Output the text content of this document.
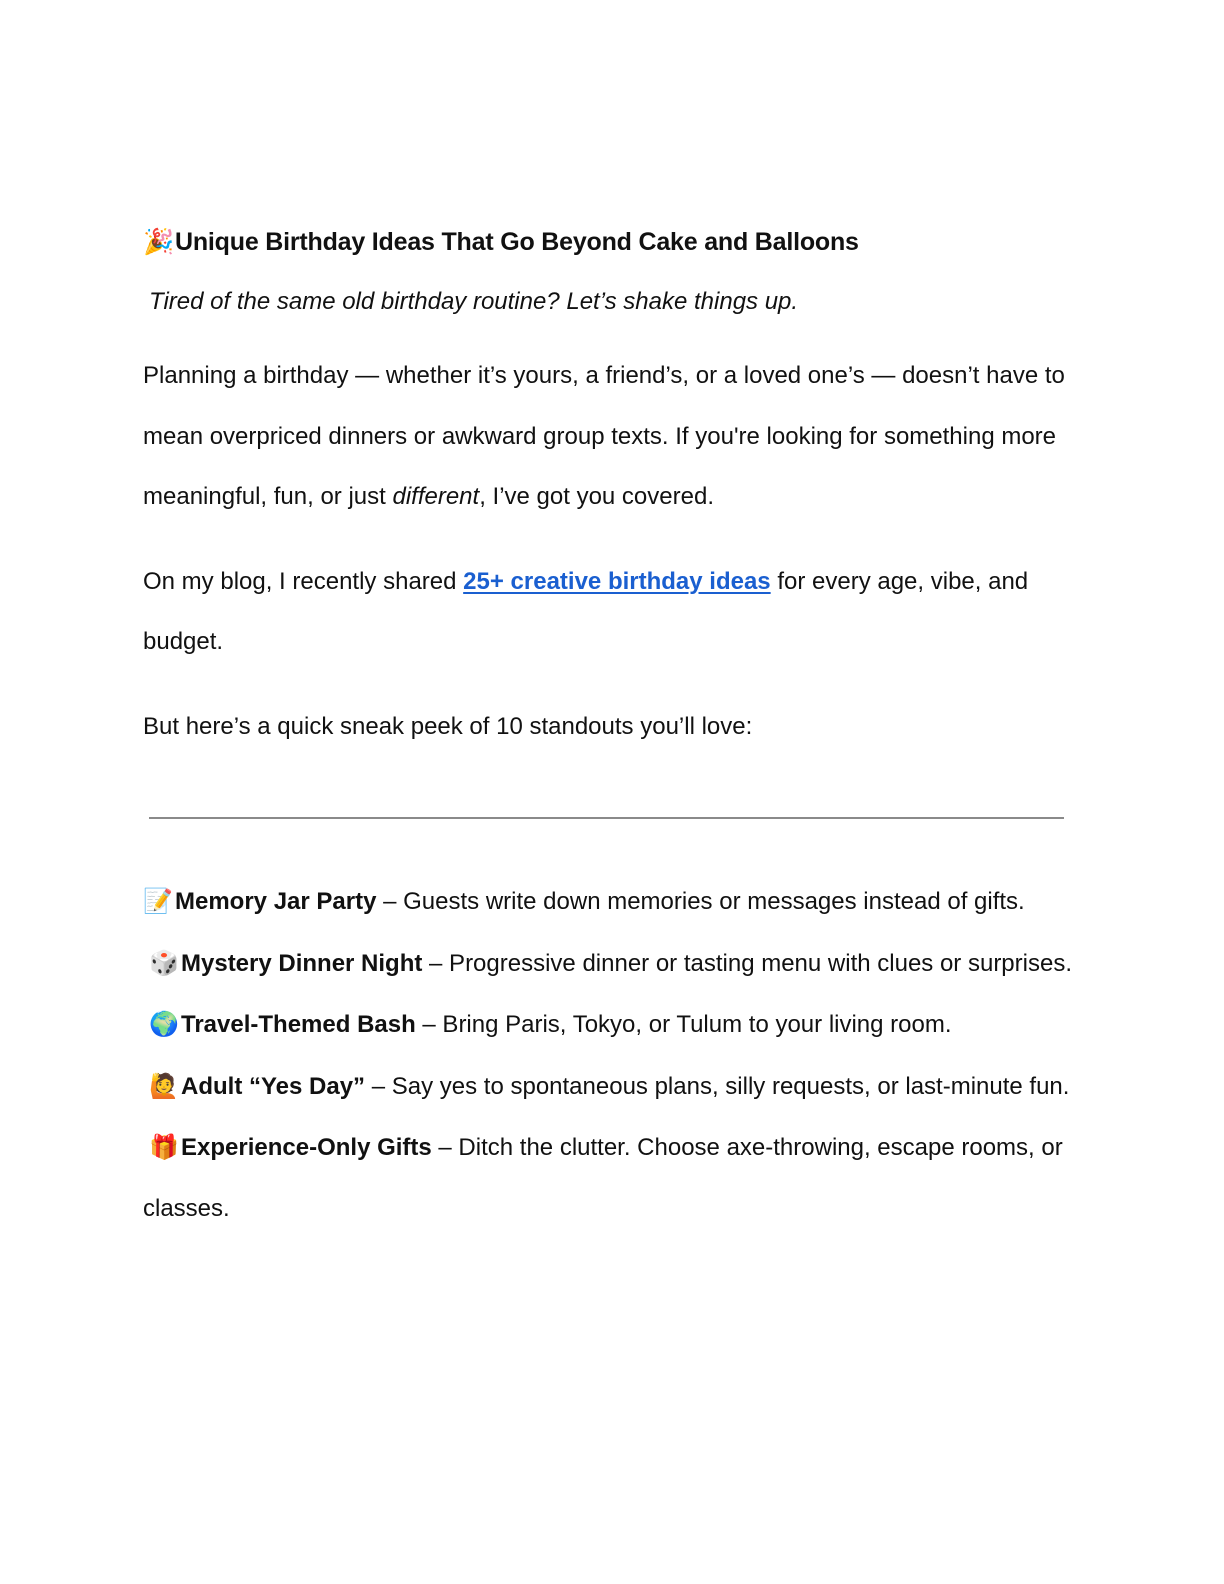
🎉Unique Birthday Ideas That Go Beyond Cake and Balloons

Tired of the same old birthday routine? Let’s shake things up.

Planning a birthday — whether it’s yours, a friend’s, or a loved one’s — doesn’t have to mean overpriced dinners or awkward group texts. If you're looking for something more meaningful, fun, or just different, I’ve got you covered.

On my blog, I recently shared 25+ creative birthday ideas for every age, vibe, and budget.

But here’s a quick sneak peek of 10 standouts you’ll love:

📝Memory Jar Party – Guests write down memories or messages instead of gifts.
🎲Mystery Dinner Night – Progressive dinner or tasting menu with clues or surprises.
🌍Travel-Themed Bash – Bring Paris, Tokyo, or Tulum to your living room.
🙋Adult “Yes Day” – Say yes to spontaneous plans, silly requests, or last-minute fun.
🎁Experience-Only Gifts – Ditch the clutter. Choose axe-throwing, escape rooms, or classes.
